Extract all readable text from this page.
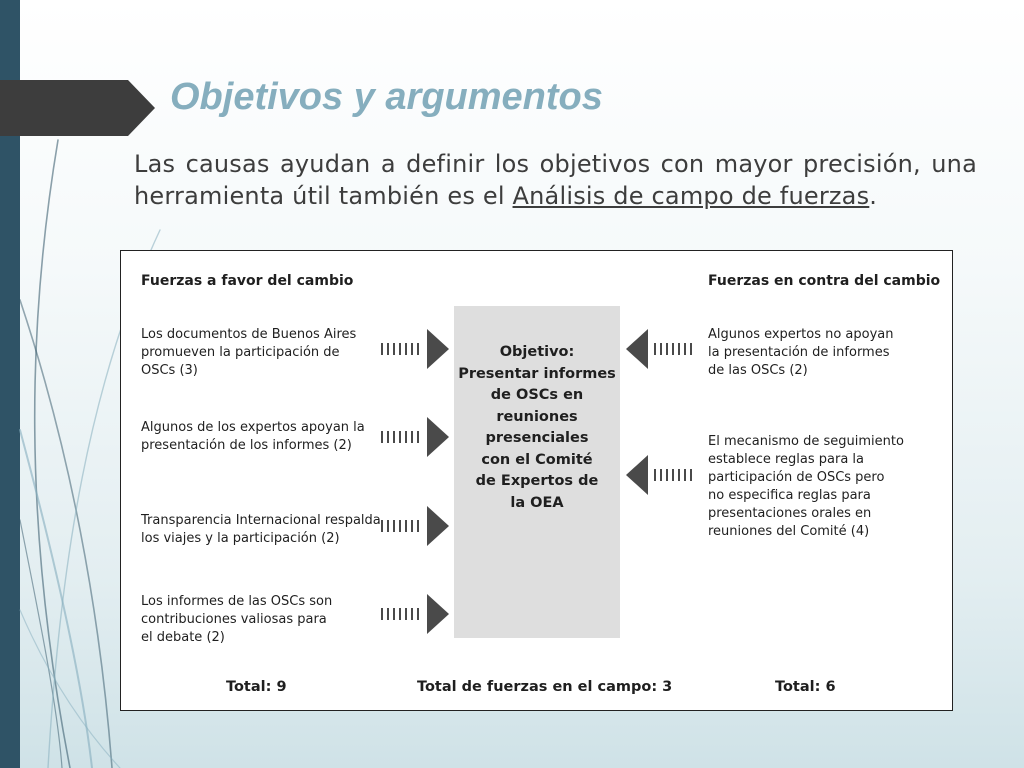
Objetivos y argumentos

Las causas ayudan a definir los objetivos con mayor precisión, una herramienta útil también es el Análisis de campo de fuerzas.

Fuerzas a favor del cambio	Fuerzas en contra del cambio
Los documentos de Buenos Aires
promueven la participación de
OSCs (3)
Algunos de los expertos apoyan la
presentación de los informes (2)
Transparencia Internacional respalda
los viajes y la participación (2)
Los informes de las OSCs son
contribuciones valiosas para
el debate (2)
Algunos expertos no apoyan
la presentación de informes
de las OSCs (2)
El mecanismo de seguimiento
establece reglas para la
participación de OSCs pero
no especifica reglas para
presentaciones orales en
reuniones del Comité (4)
Objetivo:
Presentar informes
de OSCs en
reuniones
presenciales
con el Comité
de Expertos de
la OEA
Total: 9	Total de fuerzas en el campo: 3	Total: 6
